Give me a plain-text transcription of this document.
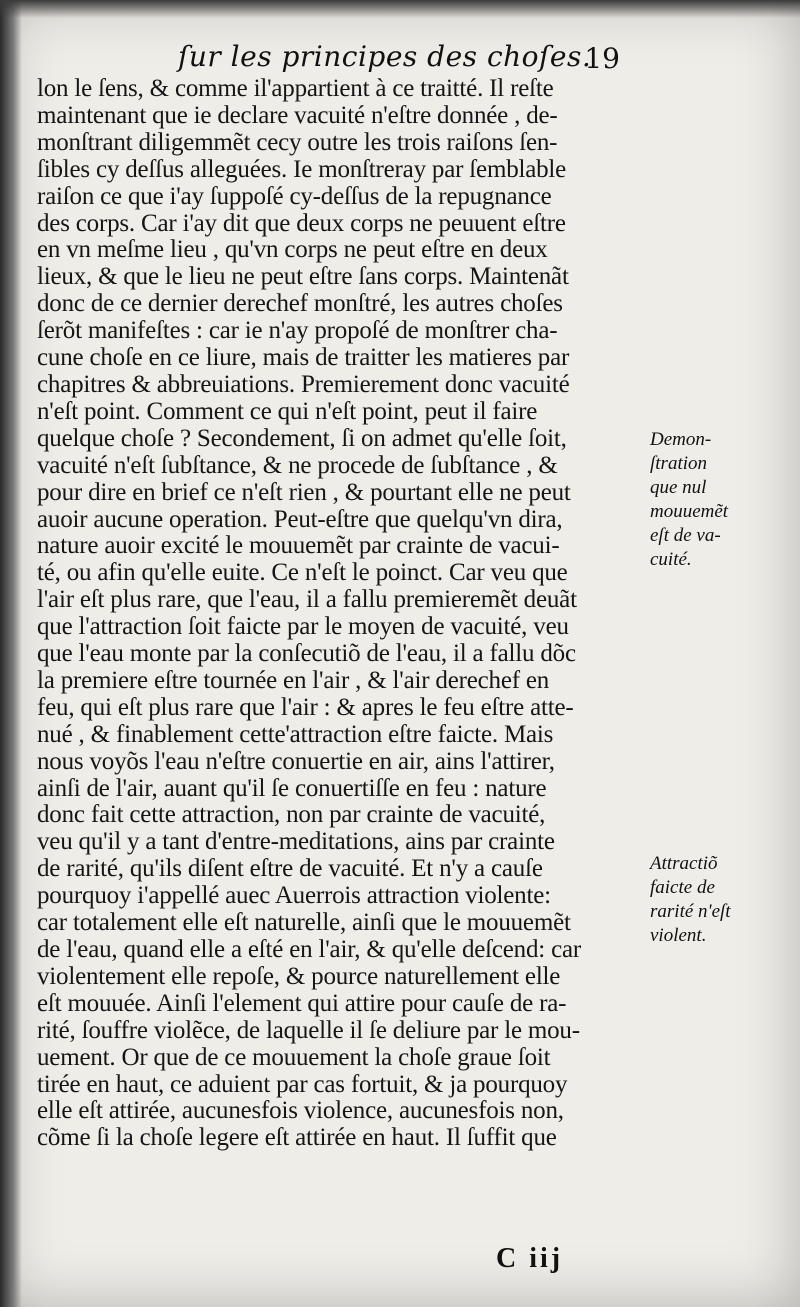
ſur les principes des choſes.
19
lon le ſens, & comme il'appartient à ce traitté. Il reſte
maintenant que ie declare vacuité n'eſtre donnée , de-
monſtrant diligemmẽt cecy outre les trois raiſons ſen-
ſibles cy deſſus alleguées. Ie monſtreray par ſemblable
raiſon ce que i'ay ſuppoſé cy-deſſus de la repugnance
des corps. Car i'ay dit que deux corps ne peuuent eſtre
en vn meſme lieu , qu'vn corps ne peut eſtre en deux
lieux, & que le lieu ne peut eſtre ſans corps. Maintenãt
donc de ce dernier derechef monſtré, les autres choſes
ſerõt manifeſtes : car ie n'ay propoſé de monſtrer cha-
cune choſe en ce liure, mais de traitter les matieres par
chapitres & abbreuiations. Premierement donc vacuité
n'eſt point. Comment ce qui n'eſt point, peut il faire
quelque choſe ? Secondement, ſi on admet qu'elle ſoit,
vacuité n'eſt ſubſtance, & ne procede de ſubſtance , &
pour dire en brief ce n'eſt rien , & pourtant elle ne peut
auoir aucune operation. Peut-eſtre que quelqu'vn dira,
nature auoir excité le mouuemẽt par crainte de vacui-
té, ou afin qu'elle euite. Ce n'eſt le poinct. Car veu que
l'air eſt plus rare, que l'eau, il a fallu premieremẽt deuãt
que l'attraction ſoit faicte par le moyen de vacuité, veu
que l'eau monte par la conſecutiõ de l'eau, il a fallu dõc
la premiere eſtre tournée en l'air , & l'air derechef en
feu, qui eſt plus rare que l'air : & apres le feu eſtre atte-
nué , & finablement cette'attraction eſtre faicte. Mais
nous voyõs l'eau n'eſtre conuertie en air, ains l'attirer,
ainſi de l'air, auant qu'il ſe conuertiſſe en feu : nature
donc fait cette attraction, non par crainte de vacuité,
veu qu'il y a tant d'entre-meditations, ains par crainte
de rarité, qu'ils diſent eſtre de vacuité. Et n'y a cauſe
pourquoy i'appellé auec Auerrois attraction violente:
car totalement elle eſt naturelle, ainſi que le mouuemẽt
de l'eau, quand elle a eſté en l'air, & qu'elle deſcend: car
violentement elle repoſe, & pource naturellement elle
eſt mouuée. Ainſi l'element qui attire pour cauſe de ra-
rité, ſouffre violẽce, de laquelle il ſe deliure par le mou-
uement. Or que de ce mouuement la choſe graue ſoit
tirée en haut, ce aduient par cas fortuit, & ja pourquoy
elle eſt attirée, aucunesfois violence, aucunesfois non,
cõme ſi la choſe legere eſt attirée en haut. Il ſuffit que
Demon-
ſtration
que nul
mouuemẽt
eſt de va-
cuité.
Attractiõ
faicte de
rarité n'eſt
violent.
C iij
